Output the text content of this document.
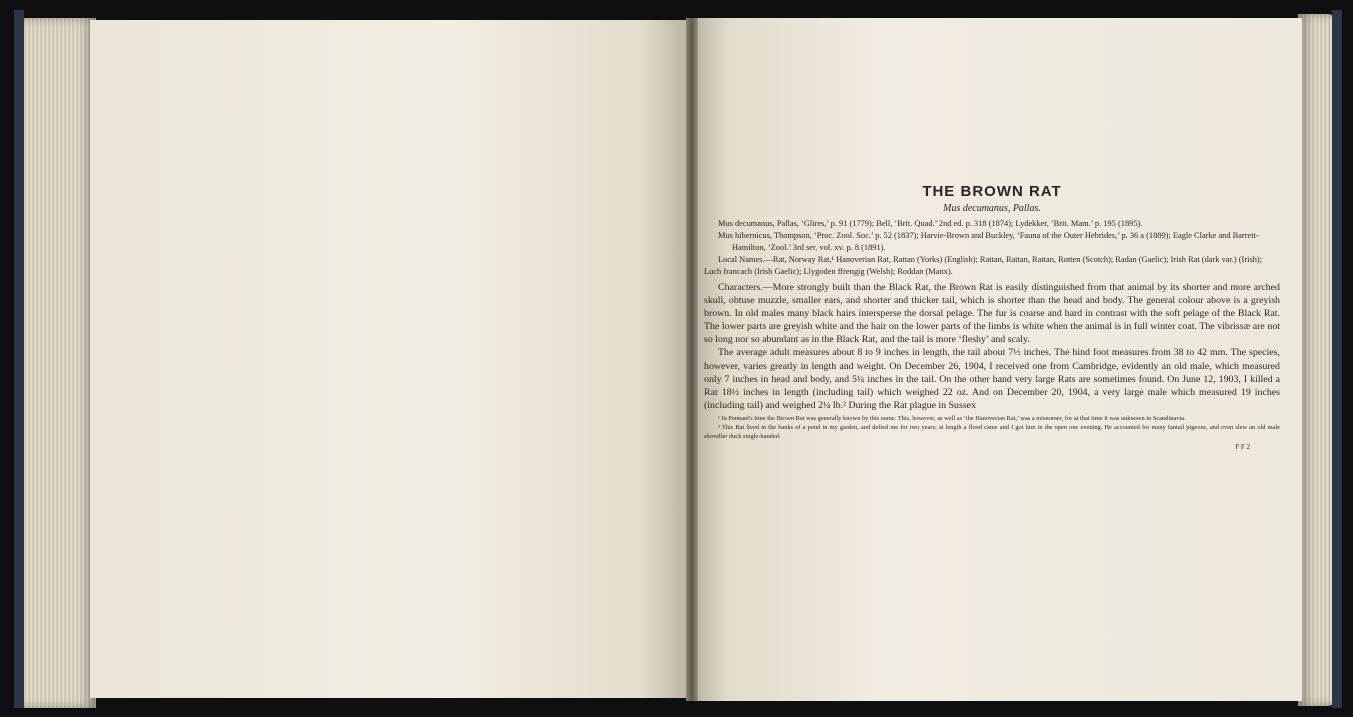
THE BROWN RAT
Mus decumanus, Pallas.

Mus decumanus, Pallas, ‘Glires,’ p. 91 (1779); Bell, ‘Brit. Quad.’ 2nd ed. p. 318 (1874); Lydekker, ‘Brit. Mam.’ p. 195 (1895).

Mus hibernicus, Thompson, ‘Proc. Zool. Soc.’ p. 52 (1837); Harvie-Brown and Buckley, ‘Fauna of the Outer Hebrides,’ p. 36 a (1889); Eagle Clarke and Barrett-Hamilton, ‘Zool.’ 3rd ser. vol. xv. p. 8 (1891).

Local Names.—Rat, Norway Rat,¹ Hanoverian Rat, Rattan (Yorks) (English); Rattan, Rattan, Rattan, Rotten (Scotch); Radan (Gaelic); Irish Rat (dark var.) (Irish); Luch francach (Irish Gaelic); Llygoden ffrengig (Welsh); Roddan (Manx).

Characters.—More strongly built than the Black Rat, the Brown Rat is easily distinguished from that animal by its shorter and more arched skull, obtuse muzzle, smaller ears, and shorter and thicker tail, which is shorter than the head and body. The general colour above is a greyish brown. In old males many black hairs intersperse the dorsal pelage. The fur is coarse and hard in contrast with the soft pelage of the Black Rat. The lower parts are greyish white and the hair on the lower parts of the limbs is white when the animal is in full winter coat. The vibrissæ are not so long nor so abundant as in the Black Rat, and the tail is more ‘fleshy’ and scaly.

The average adult measures about 8 to 9 inches in length, the tail about 7½ inches. The hind foot measures from 38 to 42 mm. The species, however, varies greatly in length and weight. On December 26, 1904, I received one from Cambridge, evidently an old male, which measured only 7 inches in head and body, and 5¼ inches in the tail. On the other hand very large Rats are sometimes found. On June 12, 1903, I killed a Rat 18½ inches in length (including tail) which weighed 22 oz. And on December 20, 1904, a very large male which measured 19 inches (including tail) and weighed 2¼ lb.² During the Rat plague in Sussex

¹ In Pennant's time the Brown Rat was generally known by this name. This, however, as well as ‘the Hanoverian Rat,’ was a misnomer, for at that time it was unknown in Scandinavia.

² This Rat lived in the banks of a pond in my garden, and defied me for two years; at length a flood came and I got him in the open one evening. He accounted for many fantail pigeons, and even slew an old male shoveller duck single-handed.

F F 2
